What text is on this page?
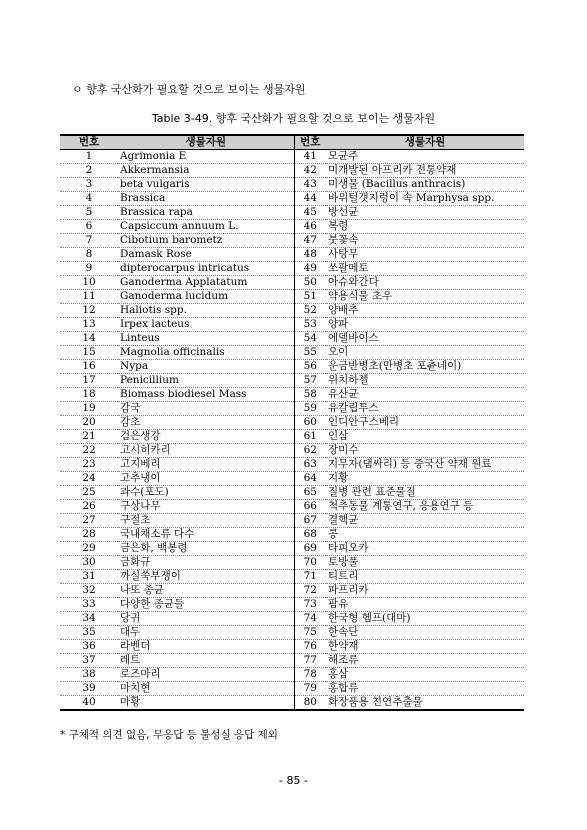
ㅇ 향후 국산화가 필요할 것으로 보이는 생물자원
Table 3-49. 향후 국산화가 필요할 것으로 보이는 생물자원
번호	생물자원	번호	생물자원
1	Agrimonia E	41	모균주
2	Akkermansia	42	미개발된 아프리카 전통약재
3	beta vulgaris	43	미생물 (Bacillus anthracis)
4	Brassica	44	바위털갯지렁이 속 Marphysa spp.
5	Brassica rapa	45	방선균
6	Capsiccum annuum L.	46	복령
7	Cibotium barometz	47	붓꽃속
8	Damask Rose	48	사탕무
9	dipterocarpus intricatus	49	쏘팔메토
10	Ganoderma Applatatum	50	아슈와간다
11	Ganoderma lucidum	51	약용식물 초우
12	Haliotis spp.	52	양배추
13	Irpex lacteus	53	양파
14	Linteus	54	에델바이스
15	Magnolia officinalis	55	오이
16	Nypa	56	운금반병초(만병초 포츈네이)
17	Penicillium	57	위치하젤
18	Biomass biodiesel Mass	58	유산균
19	감국	59	유칼립투스
20	감초	60	인디안구스베리
21	검은생강	61	인삼
22	고시히카리	62	장미수
23	고지베리	63	지무자(댐싸리) 등 중국산 약재 원료
24	고추냉이	64	지황
25	과수(포도)	65	질병 관련 표준물질
26	구상나무	66	척추동물 계통연구, 응용연구 등
27	구절초	67	결핵균
28	국내채소류 다수	68	콩
29	금은화, 백봉령	69	타피오카
30	금화규	70	토방풀
31	까실쑥부쟁이	71	티트리
32	나또 종균	72	파프리카
33	다양한 종균들	73	팜유
34	당귀	74	한국형 헴프(대마)
35	대두	75	한속단
36	라벤더	76	한약재
37	레트	77	해조류
38	로즈마리	78	홍삼
39	마치현	79	홍합류
40	마황	80	화장품용 친연추출물
* 구체적 의견 없음, 무응답 등 불성실 응답 제외
- 85 -
